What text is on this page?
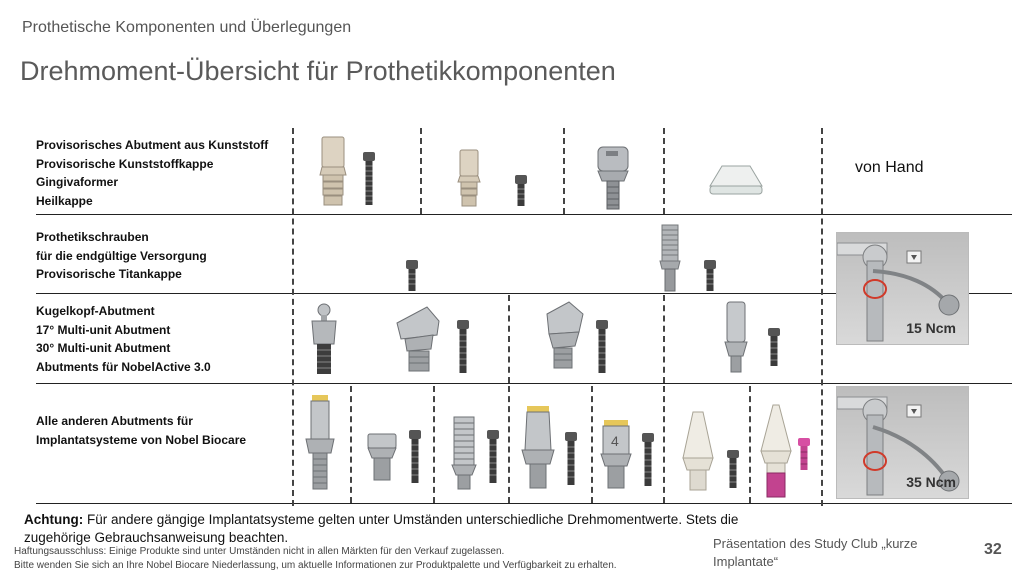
Prothetische Komponenten und Überlegungen
Drehmoment-Übersicht für Prothetikkomponenten
Provisorisches Abutment aus Kunststoff
Provisorische Kunststoffkappe
Gingivaformer
Heilkappe
Prothetikschrauben
für die endgültige Versorgung
Provisorische Titankappe
Kugelkopf-Abutment
17° Multi-unit Abutment
30° Multi-unit Abutment
Abutments für NobelActive 3.0
Alle anderen Abutments für
Implantatsysteme von Nobel Biocare
von Hand
4
15 Ncm
35 Ncm
Achtung: Für andere gängige Implantatsysteme gelten unter Umständen unterschiedliche Drehmomentwerte. Stets die zugehörige Gebrauchsanweisung beachten.
Haftungsausschluss: Einige Produkte sind unter Umständen nicht in allen Märkten für den Verkauf zugelassen.
Bitte wenden Sie sich an Ihre Nobel Biocare Niederlassung, um aktuelle Informationen zur Produktpalette und Verfügbarkeit zu erhalten.
Präsentation des Study Club „kurze Implantate“
32
